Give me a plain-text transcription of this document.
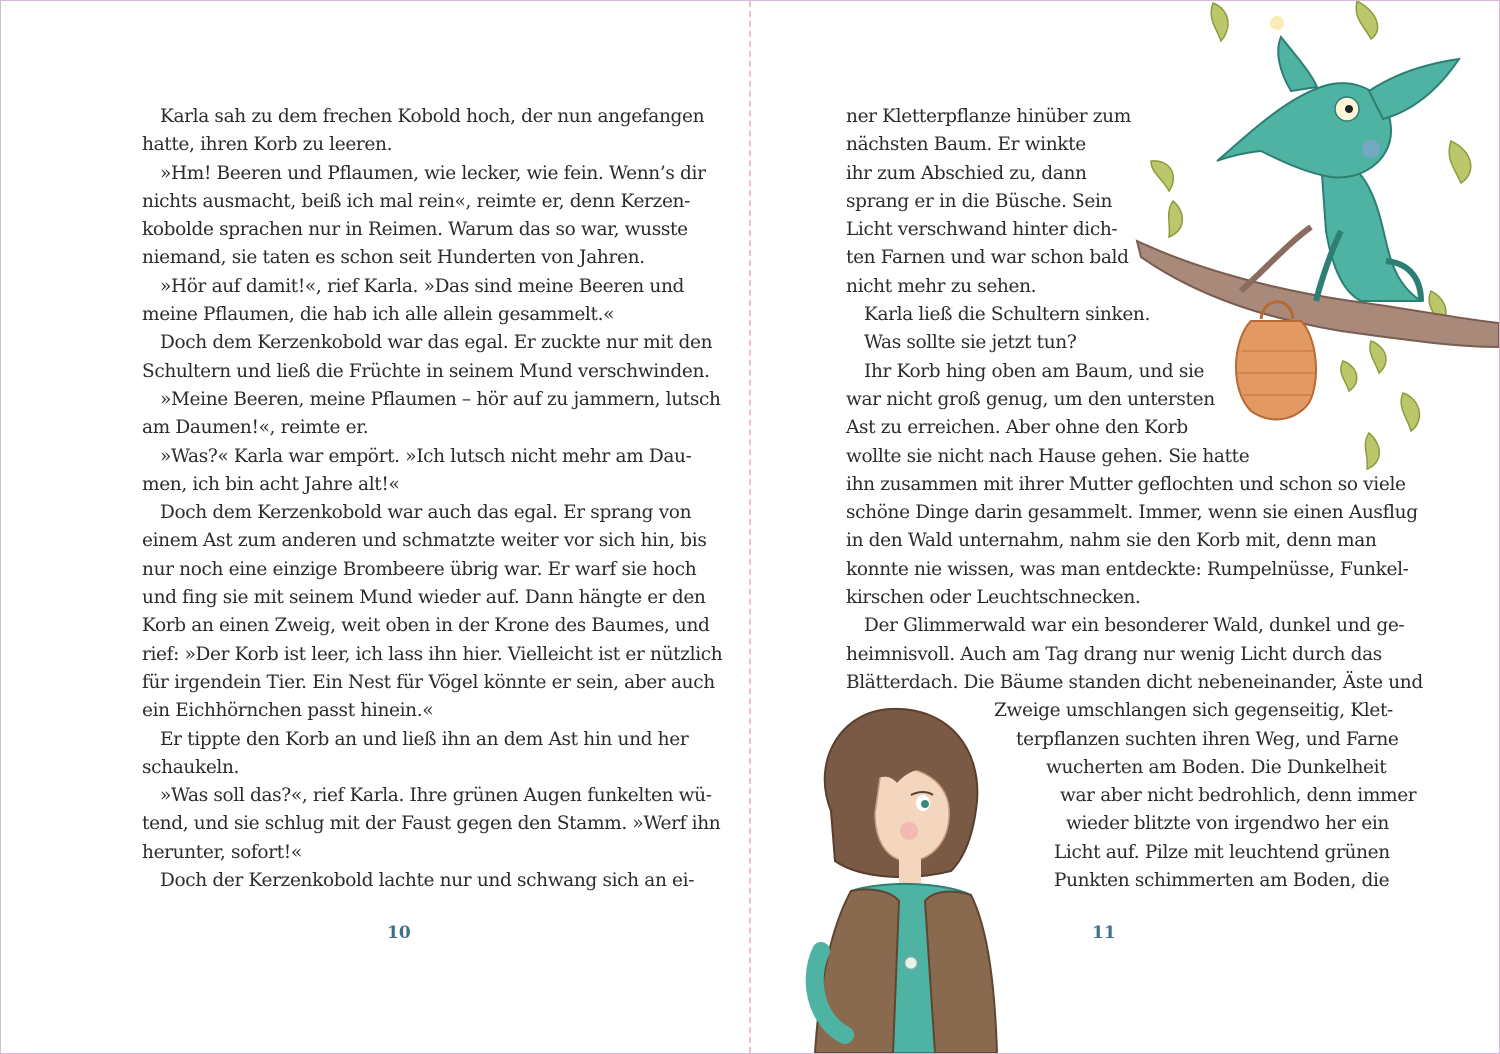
Karla sah zu dem frechen Kobold hoch, der nun angefangen
hatte, ihren Korb zu leeren.
»Hm! Beeren und Pflaumen, wie lecker, wie fein. Wenn’s dir
nichts ausmacht, beiß ich mal rein«, reimte er, denn Kerzen-
kobolde sprachen nur in Reimen. Warum das so war, wusste
niemand, sie taten es schon seit Hunderten von Jahren.
»Hör auf damit!«, rief Karla. »Das sind meine Beeren und
meine Pflaumen, die hab ich alle allein gesammelt.«
Doch dem Kerzenkobold war das egal. Er zuckte nur mit den
Schultern und ließ die Früchte in seinem Mund verschwinden.
»Meine Beeren, meine Pflaumen – hör auf zu jammern, lutsch
am Daumen!«, reimte er.
»Was?« Karla war empört. »Ich lutsch nicht mehr am Dau-
men, ich bin acht Jahre alt!«
Doch dem Kerzenkobold war auch das egal. Er sprang von
einem Ast zum anderen und schmatzte weiter vor sich hin, bis
nur noch eine einzige Brombeere übrig war. Er warf sie hoch
und fing sie mit seinem Mund wieder auf. Dann hängte er den
Korb an einen Zweig, weit oben in der Krone des Baumes, und
rief: »Der Korb ist leer, ich lass ihn hier. Vielleicht ist er nützlich
für irgendein Tier. Ein Nest für Vögel könnte er sein, aber auch
ein Eichhörnchen passt hinein.«
Er tippte den Korb an und ließ ihn an dem Ast hin und her
schaukeln.
»Was soll das?«, rief Karla. Ihre grünen Augen funkelten wü-
tend, und sie schlug mit der Faust gegen den Stamm. »Werf ihn
herunter, sofort!«
Doch der Kerzenkobold lachte nur und schwang sich an ei-
10
ner Kletterpflanze hinüber zum
nächsten Baum. Er winkte
ihr zum Abschied zu, dann
sprang er in die Büsche. Sein
Licht verschwand hinter dich-
ten Farnen und war schon bald
nicht mehr zu sehen.
Karla ließ die Schultern sinken.
Was sollte sie jetzt tun?
Ihr Korb hing oben am Baum, und sie
war nicht groß genug, um den untersten
Ast zu erreichen. Aber ohne den Korb
wollte sie nicht nach Hause gehen. Sie hatte
ihn zusammen mit ihrer Mutter geflochten und schon so viele
schöne Dinge darin gesammelt. Immer, wenn sie einen Ausflug
in den Wald unternahm, nahm sie den Korb mit, denn man
konnte nie wissen, was man entdeckte: Rumpelnüsse, Funkel-
kirschen oder Leuchtschnecken.
Der Glimmerwald war ein besonderer Wald, dunkel und ge-
heimnisvoll. Auch am Tag drang nur wenig Licht durch das
Blätterdach. Die Bäume standen dicht nebeneinander, Äste und
Zweige umschlangen sich gegenseitig, Klet-
terpflanzen suchten ihren Weg, und Farne
wucherten am Boden. Die Dunkelheit
war aber nicht bedrohlich, denn immer
wieder blitzte von irgendwo her ein
Licht auf. Pilze mit leuchtend grünen
Punkten schimmerten am Boden, die
11
